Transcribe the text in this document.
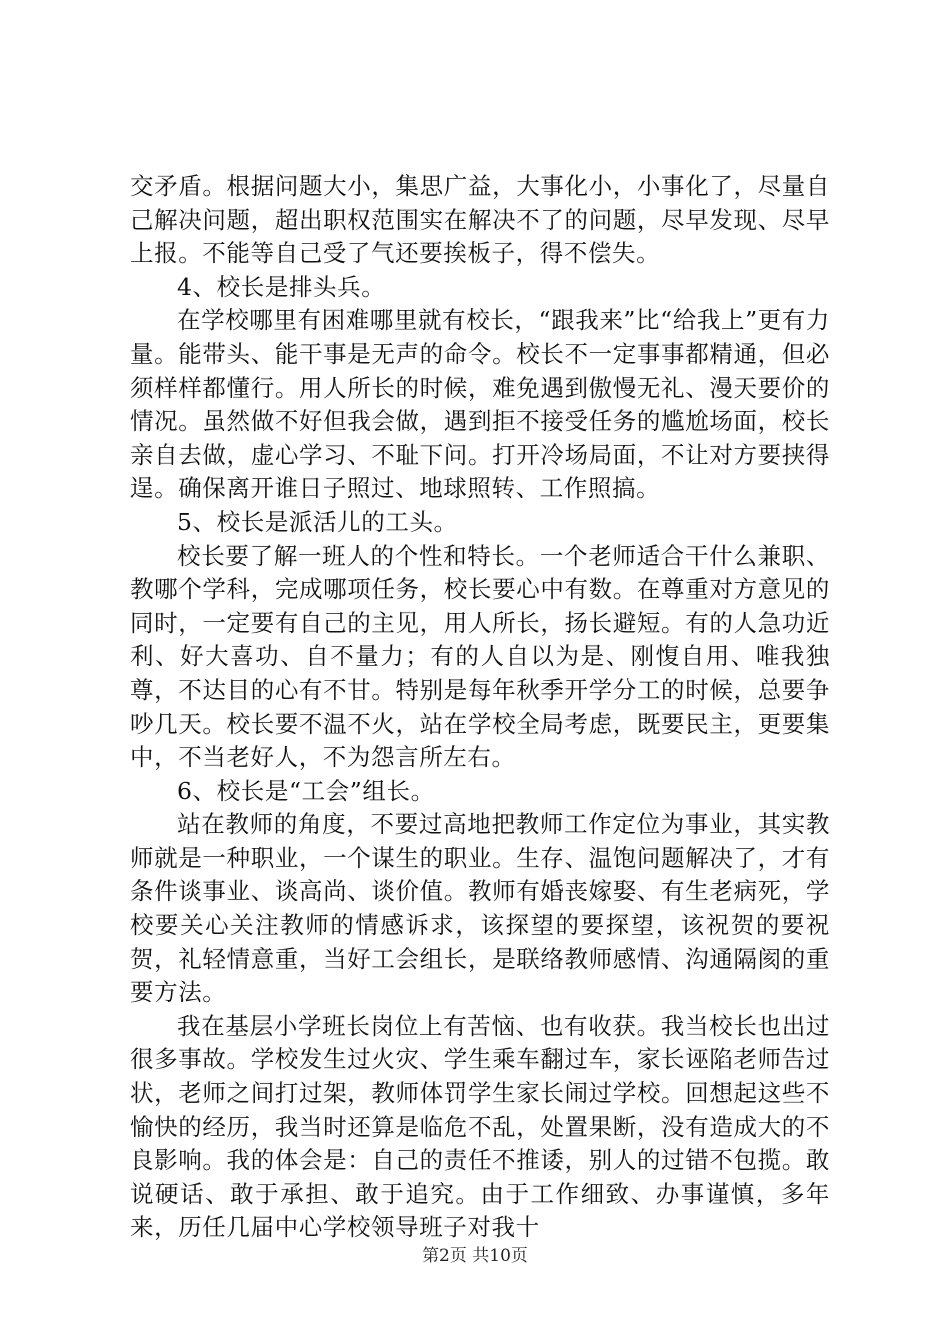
交矛盾。根据问题大小，集思广益，大事化小，小事化了，尽量自己解决问题，超出职权范围实在解决不了的问题，尽早发现、尽早上报。不能等自己受了气还要挨板子，得不偿失。

4、校长是排头兵。

在学校哪里有困难哪里就有校长，“跟我来”比“给我上”更有力量。能带头、能干事是无声的命令。校长不一定事事都精通，但必须样样都懂行。用人所长的时候，难免遇到傲慢无礼、漫天要价的情况。虽然做不好但我会做，遇到拒不接受任务的尴尬场面，校长亲自去做，虚心学习、不耻下问。打开冷场局面，不让对方要挟得逞。确保离开谁日子照过、地球照转、工作照搞。

5、校长是派活儿的工头。

校长要了解一班人的个性和特长。一个老师适合干什么兼职、教哪个学科，完成哪项任务，校长要心中有数。在尊重对方意见的同时，一定要有自己的主见，用人所长，扬长避短。有的人急功近利、好大喜功、自不量力；有的人自以为是、刚愎自用、唯我独尊，不达目的心有不甘。特别是每年秋季开学分工的时候，总要争吵几天。校长要不温不火，站在学校全局考虑，既要民主，更要集中，不当老好人，不为怨言所左右。

6、校长是“工会”组长。

站在教师的角度，不要过高地把教师工作定位为事业，其实教师就是一种职业，一个谋生的职业。生存、温饱问题解决了，才有条件谈事业、谈高尚、谈价值。教师有婚丧嫁娶、有生老病死，学校要关心关注教师的情感诉求，该探望的要探望，该祝贺的要祝贺，礼轻情意重，当好工会组长，是联络教师感情、沟通隔阂的重要方法。

我在基层小学班长岗位上有苦恼、也有收获。我当校长也出过很多事故。学校发生过火灾、学生乘车翻过车，家长诬陷老师告过状，老师之间打过架，教师体罚学生家长闹过学校。回想起这些不愉快的经历，我当时还算是临危不乱，处置果断，没有造成大的不良影响。我的体会是：自己的责任不推诿，别人的过错不包揽。敢说硬话、敢于承担、敢于追究。由于工作细致、办事谨慎，多年来，历任几届中心学校领导班子对我十

第2页 共10页
